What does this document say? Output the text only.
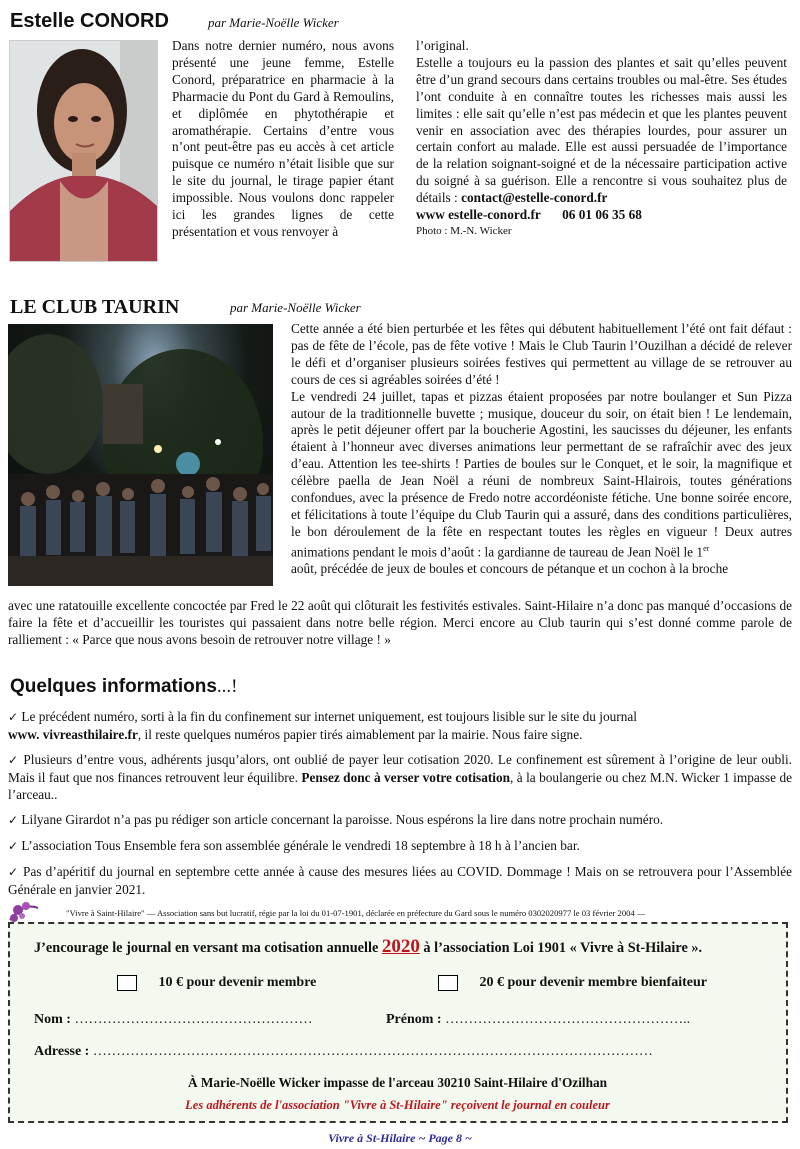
Estelle CONORD	par Marie-Noëlle Wicker

Dans notre dernier numéro, nous avons présenté une jeune femme, Estelle Conord, préparatrice en pharmacie à la Pharmacie du Pont du Gard à Remoulins, et diplômée en phytothérapie et aromathérapie. Certains d’entre vous n’ont peut-être pas eu accès à cet article puisque ce numéro n’était lisible que sur le site du journal, le tirage papier étant impossible. Nous voulons donc rappeler ici les grandes lignes de cette présentation et vous renvoyer à

l’original.

Estelle a toujours eu la passion des plantes et sait qu’elles peuvent être d’un grand secours dans certains troubles ou mal-être. Ses études l’ont conduite à en connaître toutes les richesses mais aussi les limites : elle sait qu’elle n’est pas médecin et que les plantes peuvent venir en association avec des thérapies lourdes, pour assurer un certain confort au malade. Elle est aussi persuadée de l’importance de la relation soignant-soigné et de la nécessaire participation active du soigné à sa guérison. Elle a rencontre si vous souhaitez plus de détails : contact@estelle-conord.fr

www estelle-conord.fr 06 01 06 35 68

Photo : M.-N. Wicker

LE CLUB TAURIN	par Marie-Noëlle Wicker

Cette année a été bien perturbée et les fêtes qui débutent habituellement l’été ont fait défaut : pas de fête de l’école, pas de fête votive ! Mais le Club Taurin l’Ouzilhan a décidé de relever le défi et d’organiser plusieurs soirées festives qui permettent au village de se retrouver au cours de ces si agréables soirées d’été !

Le vendredi 24 juillet, tapas et pizzas étaient proposées par notre boulanger et Sun Pizza autour de la traditionnelle buvette ; musique, douceur du soir, on était bien ! Le lendemain, après le petit déjeuner offert par la boucherie Agostini, les saucisses du déjeuner, les enfants étaient à l’honneur avec diverses animations leur permettant de se rafraîchir avec des jeux d’eau. Attention les tee-shirts ! Parties de boules sur le Conquet, et le soir, la magnifique et célèbre paella de Jean Noël a réuni de nombreux Saint-Hlairois, toutes générations confondues, avec la présence de Fredo notre accordéoniste fétiche. Une bonne soirée encore, et félicitations à toute l’équipe du Club Taurin qui a assuré, dans des conditions particulières, le bon déroulement de la fête en respectant toutes les règles en vigueur ! Deux autres animations pendant le mois d’août : la gardianne de taureau de Jean Noël le 1er

août, précédée de jeux de boules et concours de pétanque et un cochon à la broche

avec une ratatouille excellente concoctée par Fred le 22 août qui clôturait les festivités estivales. Saint-Hilaire n’a donc pas manqué d’occasions de faire la fête et d’accueillir les touristes qui passaient dans notre belle région. Merci encore au Club taurin qui s’est donné comme parole de ralliement : « Parce que nous avons besoin de retrouver notre village ! »

Quelques informations...!

✓ Le précédent numéro, sorti à la fin du confinement sur internet uniquement, est toujours lisible sur le site du journal
www. vivreasthilaire.fr, il reste quelques numéros papier tirés aimablement par la mairie. Nous faire signe.

✓ Plusieurs d’entre vous, adhérents jusqu’alors, ont oublié de payer leur cotisation 2020. Le confinement est sûrement à l’origine de leur oubli. Mais il faut que nos finances retrouvent leur équilibre. Pensez donc à verser votre cotisation, à la boulangerie ou chez M.N. Wicker 1 impasse de l’arceau..

✓ Lilyane Girardot n’a pas pu rédiger son article concernant la paroisse. Nous espérons la lire dans notre prochain numéro.

✓ L’association Tous Ensemble fera son assemblée générale le vendredi 18 septembre à 18 h à l’ancien bar.

✓ Pas d’apéritif du journal en septembre cette année à cause des mesures liées au COVID. Dommage ! Mais on se retrouvera pour l’Assemblée Générale en janvier 2021.

"Vivre à Saint-Hilaire" — Association sans but lucratif, régie par la loi du 01-07-1901, déclarée en préfecture du Gard sous le numéro 0302020977 le 03 février 2004 —
J’encourage le journal en versant ma cotisation annuelle 2020 à l’association Loi 1901 « Vivre à St-Hilaire ».
10 € pour devenir membre	20 € pour devenir membre bienfaiteur
Nom : ……………………………………………	Prénom : ……………………………………………..
Adresse : …………………………………………………………………………………………………………
À Marie-Noëlle Wicker impasse de l'arceau 30210 Saint-Hilaire d'Ozilhan
Les adhérents de l'association "Vivre à St-Hilaire" reçoivent le journal en couleur
Vivre à St-Hilaire ~ Page 8 ~
